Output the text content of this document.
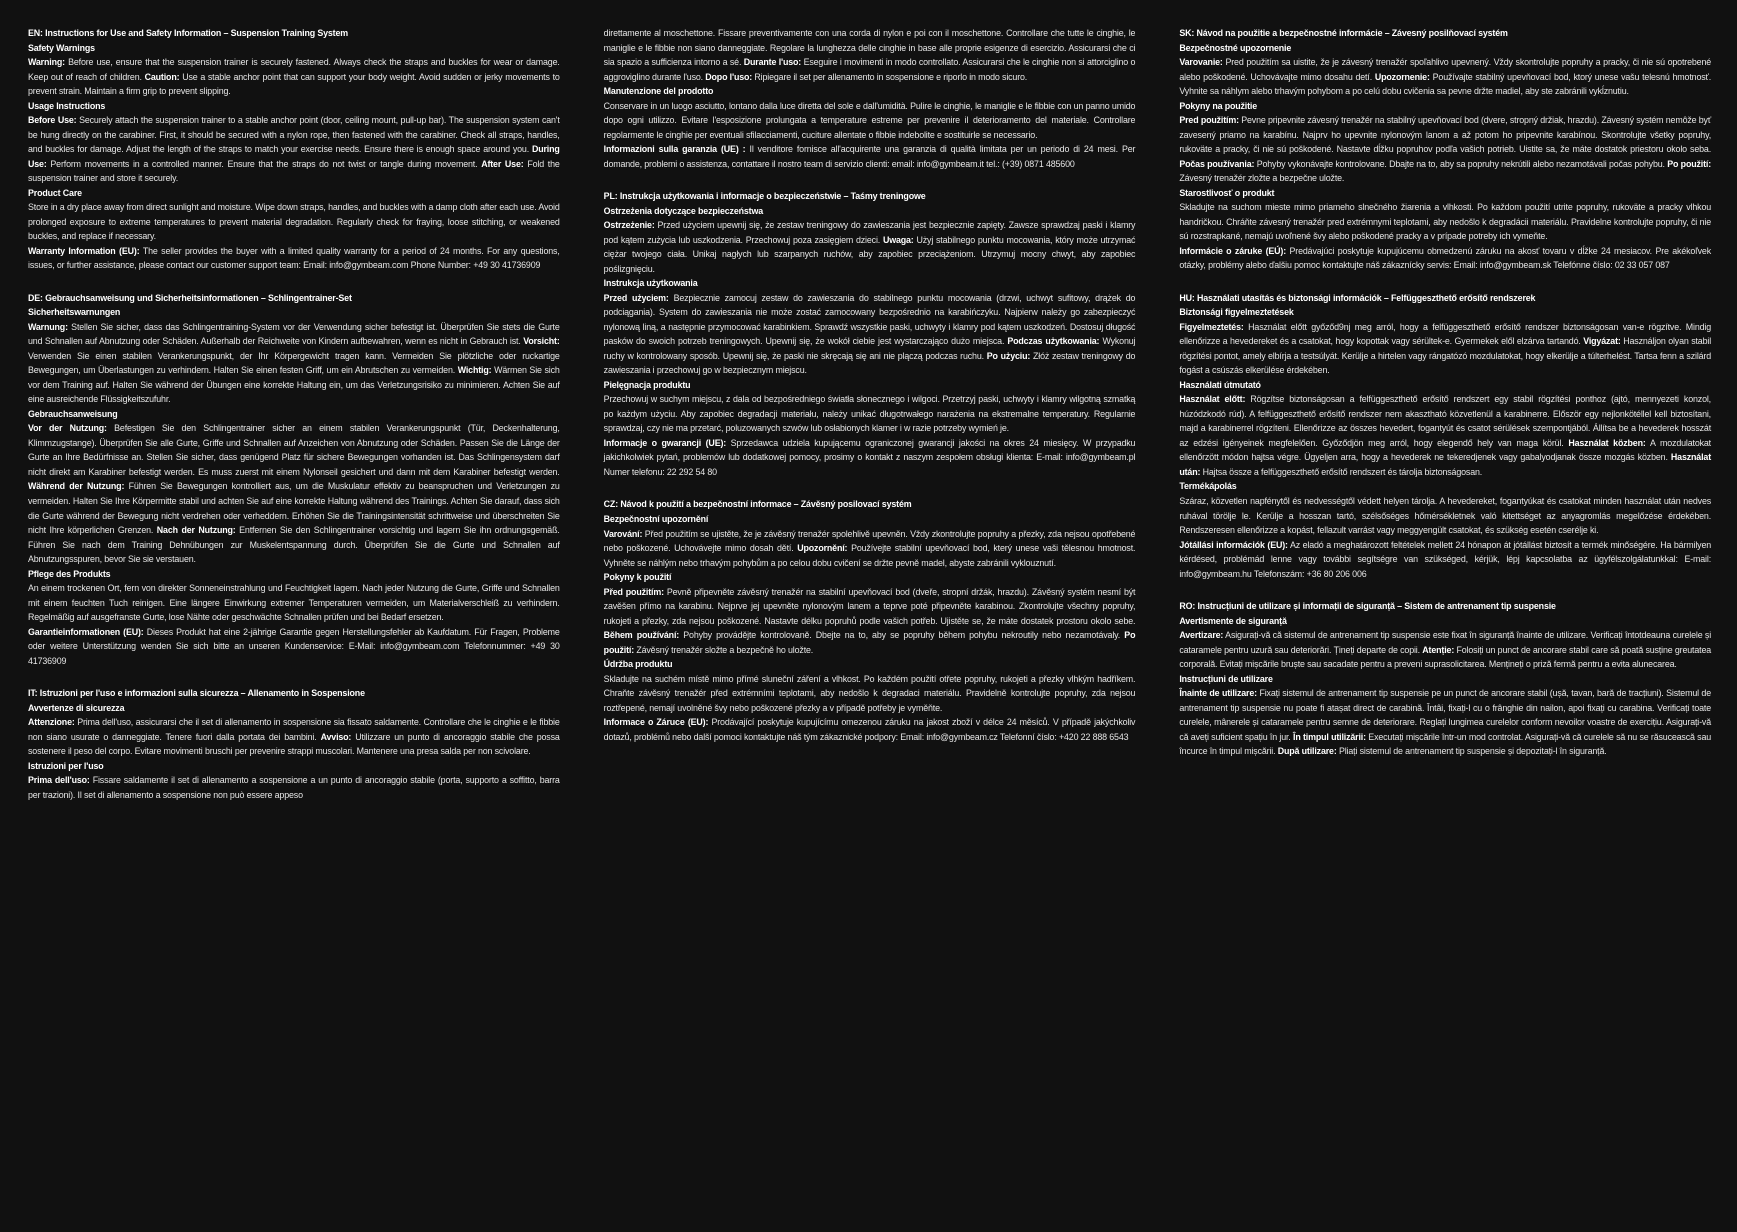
EN: Instructions for Use and Safety Information – Suspension Training System
Safety Warnings
Warning: Before use, ensure that the suspension trainer is securely fastened. Always check the straps and buckles for wear or damage. Keep out of reach of children. Caution: Use a stable anchor point that can support your body weight. Avoid sudden or jerky movements to prevent strain. Maintain a firm grip to prevent slipping.
Usage Instructions
Before Use: Securely attach the suspension trainer to a stable anchor point (door, ceiling mount, pull-up bar). The suspension system can't be hung directly on the carabiner. First, it should be secured with a nylon rope, then fastened with the carabiner. Check all straps, handles, and buckles for damage. Adjust the length of the straps to match your exercise needs. Ensure there is enough space around you. During Use: Perform movements in a controlled manner. Ensure that the straps do not twist or tangle during movement. After Use: Fold the suspension trainer and store it securely.
Product Care
Store in a dry place away from direct sunlight and moisture. Wipe down straps, handles, and buckles with a damp cloth after each use. Avoid prolonged exposure to extreme temperatures to prevent material degradation. Regularly check for fraying, loose stitching, or weakened buckles, and replace if necessary.
Warranty Information (EU): The seller provides the buyer with a limited quality warranty for a period of 24 months. For any questions, issues, or further assistance, please contact our customer support team: Email: info@gymbeam.com Phone Number: +49 30 41736909
DE: Gebrauchsanweisung und Sicherheitsinformationen – Schlingentrainer-Set
Sicherheitswarnungen
Warnung: Stellen Sie sicher, dass das Schlingentraining-System vor der Verwendung sicher befestigt ist. Überprüfen Sie stets die Gurte und Schnallen auf Abnutzung oder Schäden. Außerhalb der Reichweite von Kindern aufbewahren, wenn es nicht in Gebrauch ist. Vorsicht: Verwenden Sie einen stabilen Verankerungspunkt, der Ihr Körpergewicht tragen kann. Vermeiden Sie plötzliche oder ruckartige Bewegungen, um Überlastungen zu verhindern. Halten Sie einen festen Griff, um ein Abrutschen zu vermeiden. Wichtig: Wärmen Sie sich vor dem Training auf. Halten Sie während der Übungen eine korrekte Haltung ein, um das Verletzungsrisiko zu minimieren. Achten Sie auf eine ausreichende Flüssigkeitszufuhr.
Gebrauchsanweisung
Vor der Nutzung: Befestigen Sie den Schlingentrainer sicher an einem stabilen Verankerungspunkt (Tür, Deckenhalterung, Klimmzugstange). Überprüfen Sie alle Gurte, Griffe und Schnallen auf Anzeichen von Abnutzung oder Schäden. Passen Sie die Länge der Gurte an Ihre Bedürfnisse an. Stellen Sie sicher, dass genügend Platz für sichere Bewegungen vorhanden ist. Das Schlingensystem darf nicht direkt am Karabiner befestigt werden. Es muss zuerst mit einem Nylonseil gesichert und dann mit dem Karabiner befestigt werden. Während der Nutzung: Führen Sie Bewegungen kontrolliert aus, um die Muskulatur effektiv zu beanspruchen und Verletzungen zu vermeiden. Halten Sie Ihre Körpermitte stabil und achten Sie auf eine korrekte Haltung während des Trainings. Achten Sie darauf, dass sich die Gurte während der Bewegung nicht verdrehen oder verheddern. Erhöhen Sie die Trainingsintensität schrittweise und überschreiten Sie nicht Ihre körperlichen Grenzen. Nach der Nutzung: Entfernen Sie den Schlingentrainer vorsichtig und lagern Sie ihn ordnungsgemäß. Führen Sie nach dem Training Dehnübungen zur Muskelentspannung durch. Überprüfen Sie die Gurte und Schnallen auf Abnutzungsspuren, bevor Sie sie verstauen.
Pflege des Produkts
An einem trockenen Ort, fern von direkter Sonneneinstrahlung und Feuchtigkeit lagern. Nach jeder Nutzung die Gurte, Griffe und Schnallen mit einem feuchten Tuch reinigen. Eine längere Einwirkung extremer Temperaturen vermeiden, um Materialverschleiß zu verhindern. Regelmäßig auf ausgefranste Gurte, lose Nähte oder geschwächte Schnallen prüfen und bei Bedarf ersetzen.
Garantieinformationen (EU): Dieses Produkt hat eine 2-jährige Garantie gegen Herstellungsfehler ab Kaufdatum. Für Fragen, Probleme oder weitere Unterstützung wenden Sie sich bitte an unseren Kundenservice: E-Mail: info@gymbeam.com Telefonnummer: +49 30 41736909
IT: Istruzioni per l'uso e informazioni sulla sicurezza – Allenamento in Sospensione
Avvertenze di sicurezza
Attenzione: Prima dell'uso, assicurarsi che il set di allenamento in sospensione sia fissato saldamente. Controllare che le cinghie e le fibbie non siano usurate o danneggiate. Tenere fuori dalla portata dei bambini. Avviso: Utilizzare un punto di ancoraggio stabile che possa sostenere il peso del corpo. Evitare movimenti bruschi per prevenire strappi muscolari. Mantenere una presa salda per non scivolare.
Istruzioni per l'uso
Prima dell'uso: Fissare saldamente il set di allenamento a sospensione a un punto di ancoraggio stabile (porta, supporto a soffitto, barra per trazioni). Il set di allenamento a sospensione non può essere appeso
direttamente al moschettone. Fissare preventivamente con una corda di nylon e poi con il moschettone. Controllare che tutte le cinghie, le maniglie e le fibbie non siano danneggiate. Regolare la lunghezza delle cinghie in base alle proprie esigenze di esercizio. Assicurarsi che ci sia spazio a sufficienza intorno a sé. Durante l'uso: Eseguire i movimenti in modo controllato. Assicurarsi che le cinghie non si attorciglino o aggroviglino durante l'uso. Dopo l'uso: Ripiegare il set per allenamento in sospensione e riporlo in modo sicuro.
Manutenzione del prodotto
Conservare in un luogo asciutto, lontano dalla luce diretta del sole e dall'umidità. Pulire le cinghie, le maniglie e le fibbie con un panno umido dopo ogni utilizzo. Evitare l'esposizione prolungata a temperature estreme per prevenire il deterioramento del materiale. Controllare regolarmente le cinghie per eventuali sfilacciamenti, cuciture allentate o fibbie indebolite e sostituirle se necessario.
Informazioni sulla garanzia (UE) : Il venditore fornisce all'acquirente una garanzia di qualità limitata per un periodo di 24 mesi. Per domande, problemi o assistenza, contattare il nostro team di servizio clienti: email: info@gymbeam.it tel.: (+39) 0871 485600
PL: Instrukcja użytkowania i informacje o bezpieczeństwie – Taśmy treningowe
Ostrzeżenia dotyczące bezpieczeństwa
Ostrzeżenie: Przed użyciem upewnij się, że zestaw treningowy do zawieszania jest bezpiecznie zapięty. Zawsze sprawdzaj paski i klamry pod kątem zużycia lub uszkodzenia. Przechowuj poza zasięgiem dzieci. Uwaga: Użyj stabilnego punktu mocowania, który może utrzymać ciężar twojego ciała. Unikaj nagłych lub szarpanych ruchów, aby zapobiec przeciążeniom. Utrzymuj mocny chwyt, aby zapobiec poślizgnięciu.
Instrukcja użytkowania
Przed użyciem: Bezpiecznie zamocuj zestaw do zawieszania do stabilnego punktu mocowania (drzwi, uchwyt sufitowy, drążek do podciągania). System do zawieszania nie może zostać zamocowany bezpośrednio na karabińczyku. Najpierw należy go zabezpieczyć nylonową liną, a następnie przymocować karabinkiem. Sprawdź wszystkie paski, uchwyty i klamry pod kątem uszkodzeń. Dostosuj długość pasków do swoich potrzeb treningowych. Upewnij się, że wokół ciebie jest wystarczająco dużo miejsca. Podczas użytkowania: Wykonuj ruchy w kontrolowany sposób. Upewnij się, że paski nie skręcają się ani nie plączą podczas ruchu. Po użyciu: Złóż zestaw treningowy do zawieszania i przechowuj go w bezpiecznym miejscu.
Pielęgnacja produktu
Przechowuj w suchym miejscu, z dala od bezpośredniego światła słonecznego i wilgoci. Przetrzyj paski, uchwyty i klamry wilgotną szmatką po każdym użyciu. Aby zapobiec degradacji materiału, należy unikać długotrwałego narażenia na ekstremalne temperatury. Regularnie sprawdzaj, czy nie ma przetarć, poluzowanych szwów lub osłabionych klamer i w razie potrzeby wymień je.
Informacje o gwarancji (UE): Sprzedawca udziela kupującemu ograniczonej gwarancji jakości na okres 24 miesięcy. W przypadku jakichkolwiek pytań, problemów lub dodatkowej pomocy, prosimy o kontakt z naszym zespołem obsługi klienta: E-mail: info@gymbeam.pl Numer telefonu: 22 292 54 80
CZ: Návod k použití a bezpečnostní informace – Závěsný posilovací systém
Bezpečnostní upozornění
Varování: Před použitím se ujistěte, že je závěsný trenažér spolehlivě upevněn. Vždy zkontrolujte popruhy a přezky, zda nejsou opotřebené nebo poškozené. Uchovávejte mimo dosah dětí. Upozornění: Používejte stabilní upevňovací bod, který unese vaši tělesnou hmotnost. Vyhněte se náhlým nebo trhavým pohybům a po celou dobu cvičení se držte pevně madel, abyste zabránili vyklouznutí.
Pokyny k použití
Před použitím: Pevně připevněte závěsný trenažér na stabilní upevňovací bod (dveře, stropní držák, hrazdu). Závěsný systém nesmí být zavěšen přímo na karabinu. Nejprve jej upevněte nylonovým lanem a teprve poté připevněte karabinou. Zkontrolujte všechny popruhy, rukojeti a přezky, zda nejsou poškozené. Nastavte délku popruhů podle vašich potřeb. Ujistěte se, že máte dostatek prostoru okolo sebe. Během používání: Pohyby provádějte kontrolovaně. Dbejte na to, aby se popruhy během pohybu nekroutily nebo nezamotávaly. Po použití: Závěsný trenažér složte a bezpečně ho uložte.
Údržba produktu
Skladujte na suchém místě mimo přímé sluneční záření a vlhkost. Po každém použití otřete popruhy, rukojeti a přezky vlhkým hadříkem. Chraňte závěsný trenažér před extrémními teplotami, aby nedošlo k degradaci materiálu. Pravidelně kontrolujte popruhy, zda nejsou roztřepené, nemají uvolněné švy nebo poškozené přezky a v případě potřeby je vyměňte.
Informace o Záruce (EU): Prodávající poskytuje kupujícímu omezenou záruku na jakost zboží v délce 24 měsíců. V případě jakýchkoliv dotazů, problémů nebo další pomoci kontaktujte náš tým zákaznické podpory: Email: info@gymbeam.cz Telefonní číslo: +420 22 888 6543
SK: Návod na použitie a bezpečnostné informácie – Závesný posilňovací systém
Bezpečnostné upozornenie
Varovanie: Pred použitím sa uistite, že je závesný trenažér spoľahlivo upevnený. Vždy skontrolujte popruhy a pracky, či nie sú opotrebené alebo poškodené. Uchovávajte mimo dosahu detí. Upozornenie: Používajte stabilný upevňovací bod, ktorý unese vašu telesnú hmotnosť. Vyhnite sa náhlym alebo trhavým pohybom a po celú dobu cvičenia sa pevne držte madiel, aby ste zabránili vykĺznutiu.
Pokyny na použitie
Pred použitím: Pevne pripevnite závesný trenažér na stabilný upevňovací bod (dvere, stropný držiak, hrazdu). Závesný systém nemôže byť zavesený priamo na karabínu. Najprv ho upevnite nylonovým lanom a až potom ho pripevnite karabínou. Skontrolujte všetky popruhy, rukoväte a pracky, či nie sú poškodené. Nastavte dĺžku popruhov podľa vašich potrieb. Uistite sa, že máte dostatok priestoru okolo seba. Počas používania: Pohyby vykonávajte kontrolovane. Dbajte na to, aby sa popruhy nekrútili alebo nezamotávali počas pohybu. Po použití: Závesný trenažér zložte a bezpečne uložte.
Starostlivosť o produkt
Skladujte na suchom mieste mimo priameho slnečného žiarenia a vlhkosti. Po každom použití utrite popruhy, rukoväte a pracky vlhkou handričkou. Chráňte závesný trenažér pred extrémnymi teplotami, aby nedošlo k degradácii materiálu. Pravidelne kontrolujte popruhy, či nie sú rozstrapkané, nemajú uvoľnené švy alebo poškodené pracky a v prípade potreby ich vymeňte.
Informácie o záruke (EÚ): Predávajúci poskytuje kupujúcemu obmedzenú záruku na akosť tovaru v dĺžke 24 mesiacov. Pre akékoľvek otázky, problémy alebo ďalšiu pomoc kontaktujte náš zákaznícky servis: Email: info@gymbeam.sk Telefónne číslo: 02 33 057 087
HU: Használati utasítás és biztonsági információk – Felfüggeszthető erősítő rendszerek
Biztonsági figyelmeztetések
Figyelmeztetés: Használat előtt győződ9nj meg arról, hogy a felfüggeszthető erősítő rendszer biztonságosan van-e rögzítve. Mindig ellenőrizze a hevedereket és a csatokat, hogy kopottak vagy sérültek-e. Gyermekek elől elzárva tartandó. Vigyázat: Használjon olyan stabil rögzítési pontot, amely elbírja a testsúlyát. Kerülje a hirtelen vagy rángatózó mozdulatokat, hogy elkerülje a túlterhelést. Tartsa fenn a szilárd fogást a csúszás elkerülése érdekében.
Használati útmutató
Használat előtt: Rögzítse biztonságosan a felfüggeszthető erősítő rendszert egy stabil rögzítési ponthoz (ajtó, mennyezeti konzol, húzódzkodó rúd). A felfüggeszthető erősítő rendszer nem akasztható közvetlenül a karabinerre. Először egy nejlonkötéllel kell biztosítani, majd a karabinerrel rögzíteni. Ellenőrizze az összes hevedert, fogantyút és csatot sérülések szempontjából. Állítsa be a hevederek hosszát az edzési igényeinek megfelelően. Győződjön meg arról, hogy elegendő hely van maga körül. Használat közben: A mozdulatokat ellenőrzött módon hajtsa végre. Ügyeljen arra, hogy a hevederek ne tekeredjenek vagy gabalyodjanak össze mozgás közben. Használat után: Hajtsa össze a felfüggeszthető erősítő rendszert és tárolja biztonságosan.
Termékápolás
Száraz, közvetlen napfénytől és nedvességtől védett helyen tárolja. A hevedereket, fogantyúkat és csatokat minden használat után nedves ruhával törölje le. Kerülje a hosszan tartó, szélsőséges hőmérsékletnek való kitettséget az anyagromlás megelőzése érdekében. Rendszeresen ellenőrizze a kopást, fellazult varrást vagy meggyengült csatokat, és szükség esetén cserélje ki.
Jótállási információk (EU): Az eladó a meghatározott feltételek mellett 24 hónapon át jótállást biztosít a termék minőségére. Ha bármilyen kérdésed, problémád lenne vagy további segítségre van szükséged, kérjük, lépj kapcsolatba az ügyfélszolgálatunkkal: E-mail: info@gymbeam.hu Telefonszám: +36 80 206 006
RO: Instrucțiuni de utilizare și informații de siguranță – Sistem de antrenament tip suspensie
Avertismente de siguranță
Avertizare: Asigurați-vă că sistemul de antrenament tip suspensie este fixat în siguranță înainte de utilizare. Verificați întotdeauna curelele și cataramele pentru uzură sau deteriorări. Țineți departe de copii. Atenție: Folosiți un punct de ancorare stabil care să poată susține greutatea corporală. Evitați mișcările bruște sau sacadate pentru a preveni suprasolicitarea. Mențineți o priză fermă pentru a evita alunecarea.
Instrucțiuni de utilizare
Înainte de utilizare: Fixați sistemul de antrenament tip suspensie pe un punct de ancorare stabil (ușă, tavan, bară de tracțiuni). Sistemul de antrenament tip suspensie nu poate fi atașat direct de carabină. Întâi, fixați-l cu o frânghie din nailon, apoi fixați cu carabina. Verificați toate curelele, mânerele și cataramele pentru semne de deteriorare. Reglați lungimea curelelor conform nevoilor voastre de exercițiu. Asigurați-vă că aveți suficient spațiu în jur. În timpul utilizării: Executați mișcările într-un mod controlat. Asigurați-vă că curelele să nu se răsucească sau încurce în timpul mișcării. După utilizare: Pliați sistemul de antrenament tip suspensie și depozitați-l în siguranță.
